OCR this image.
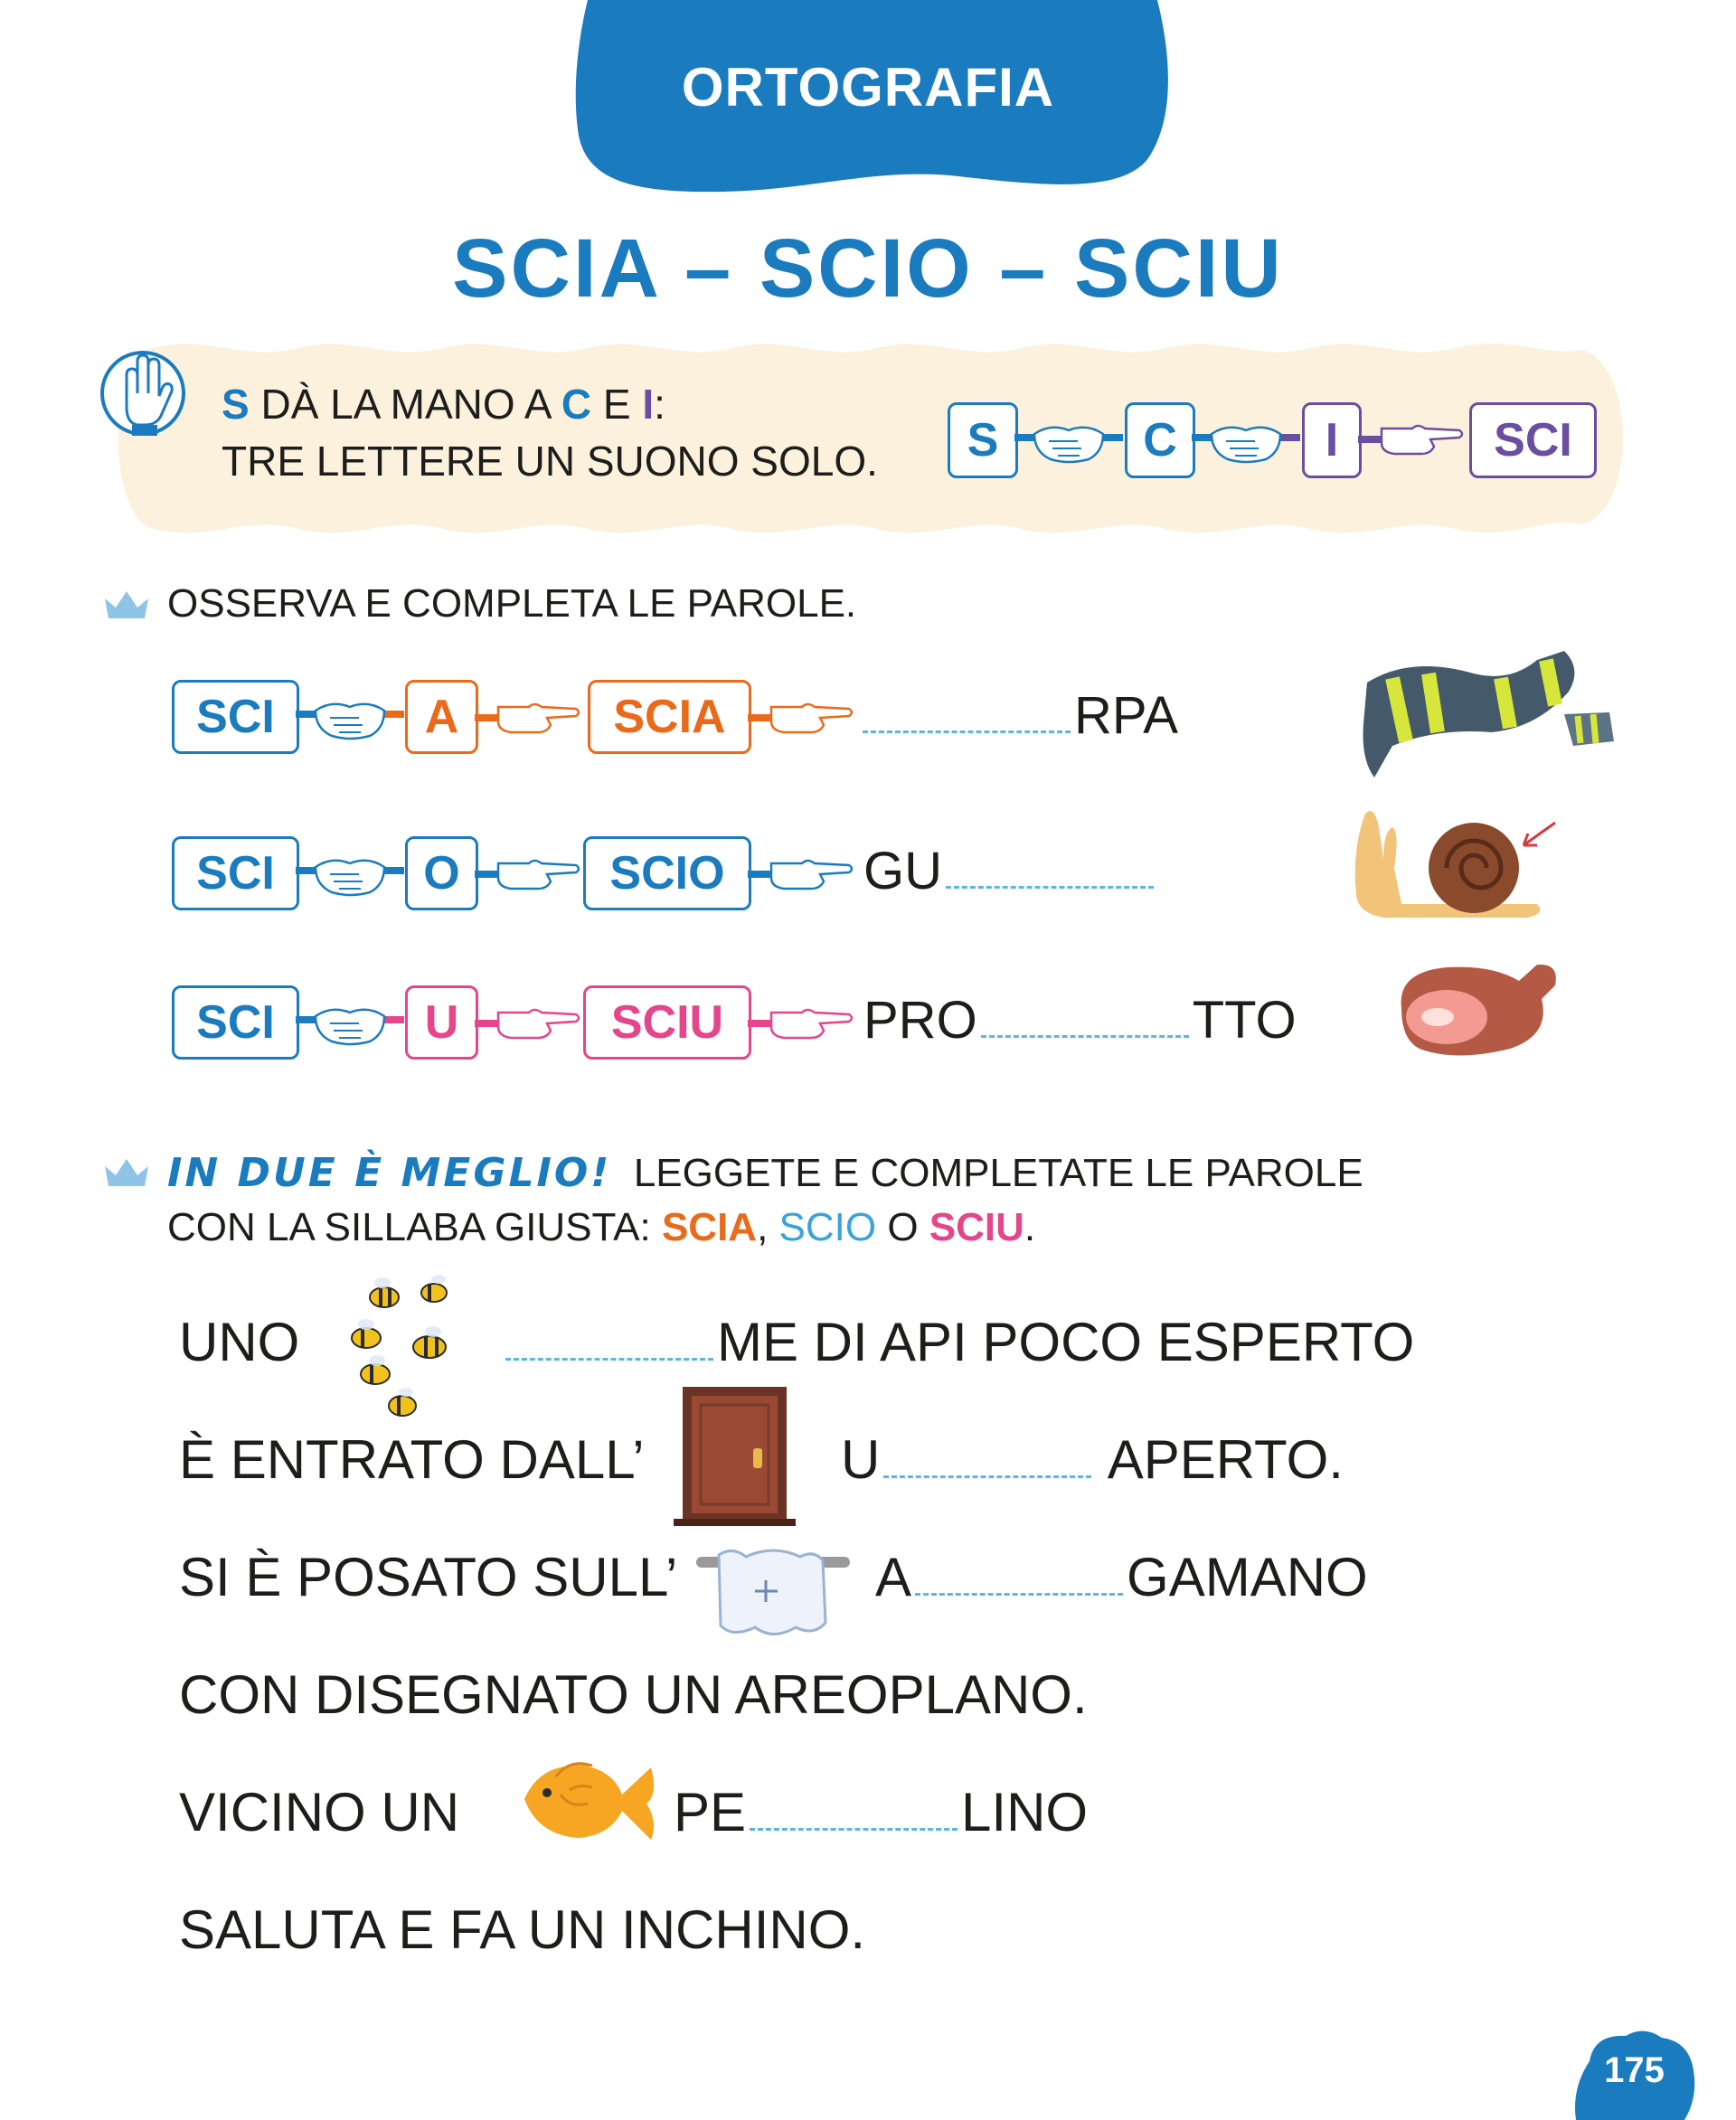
ORTOGRAFIA
SCIA – SCIO – SCIU
S DÀ LA MANO A C E I:
TRE LETTERE UN SUONO SOLO.	S	C	I	SCI
OSSERVA E COMPLETA LE PAROLE.
SCI	A	SCIA	RPA
SCI	O	SCIO	GU
SCI	U	SCIU	PRO	TTO
IN DUE È MEGLIO! LEGGETE E COMPLETATE LE PAROLE
CON LA SILLABA GIUSTA: SCIA, SCIO O SCIU.
UNO	ME DI API POCO ESPERTO
È ENTRATO DALL’	U	APERTO.
SI È POSATO SULL’	A	GAMANO
CON DISEGNATO UN AREOPLANO.
VICINO UN	PE	LINO
SALUTA E FA UN INCHINO.
175
